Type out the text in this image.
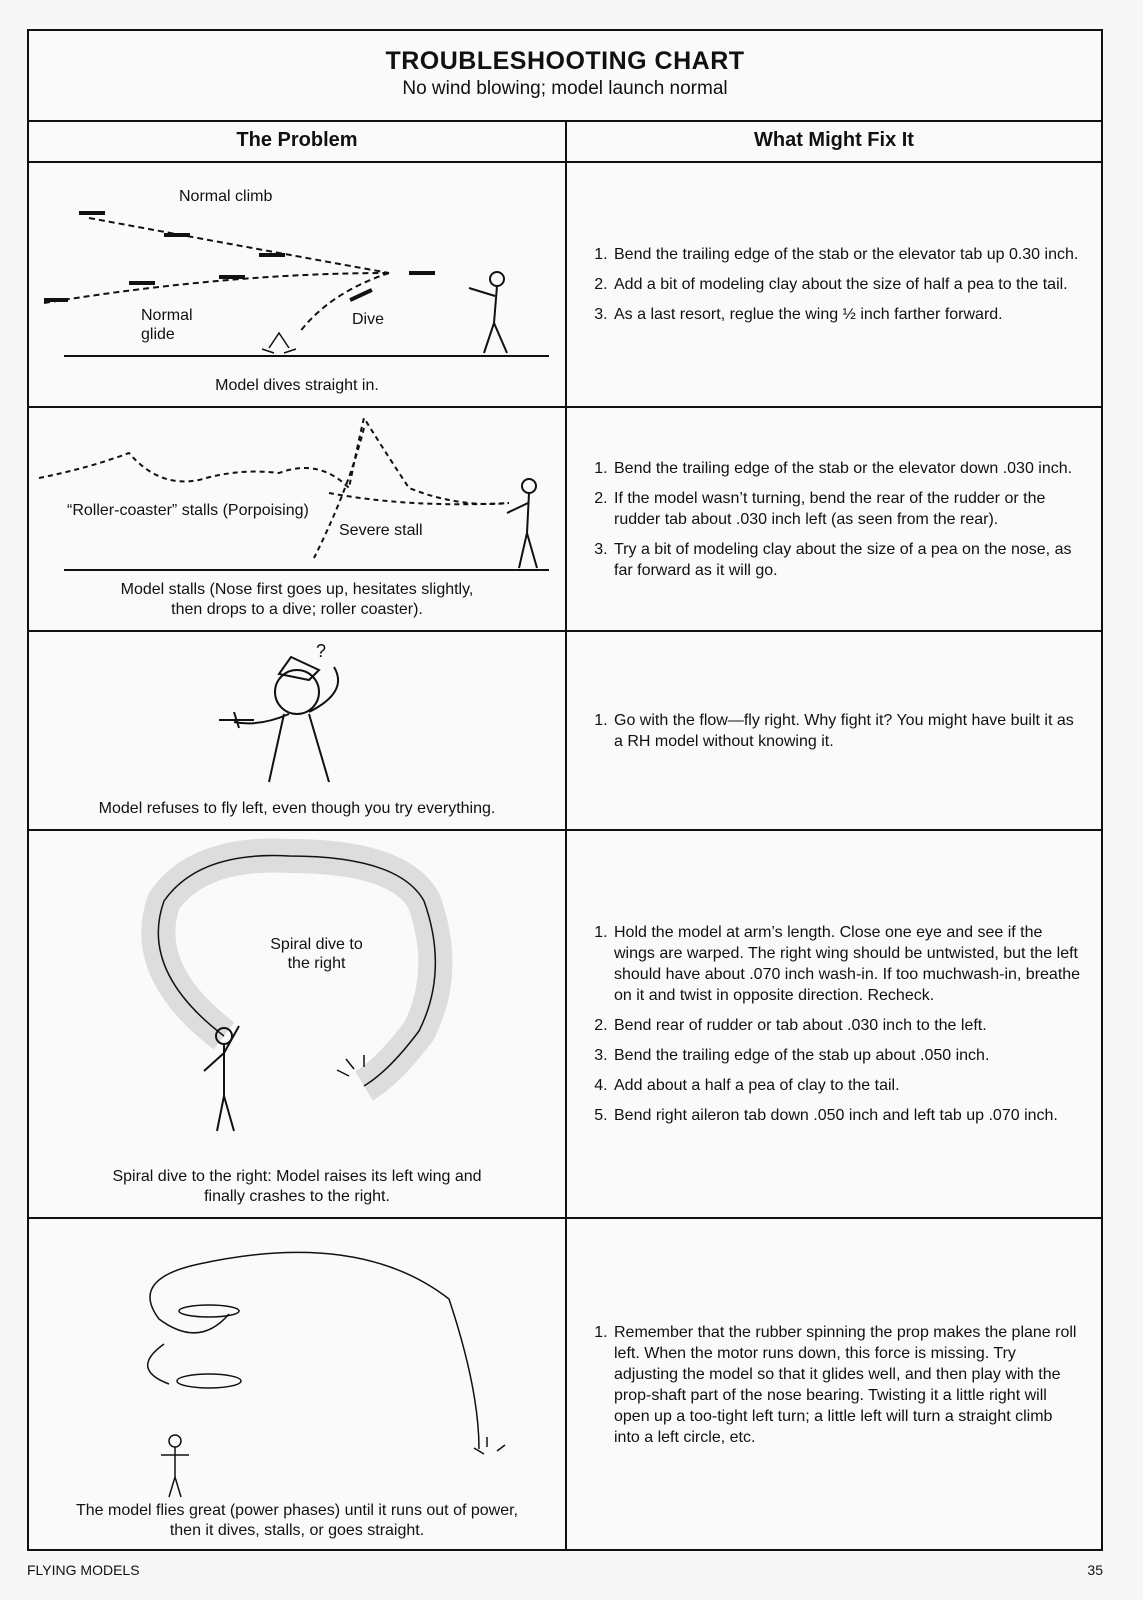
TROUBLESHOOTING CHART
No wind blowing; model launch normal
The Problem	What Might Fix It
Normal climb
Normal glide
Dive
Model dives straight in.
1. Bend the trailing edge of the stab or the elevator tab up 0.30 inch.
2. Add a bit of modeling clay about the size of half a pea to the tail.
3. As a last resort, reglue the wing ½ inch farther forward.
“Roller-coaster” stalls (Porpoising)
Severe stall
Model stalls (Nose first goes up, hesitates slightly, then drops to a dive; roller coaster).
1. Bend the trailing edge of the stab or the elevator down .030 inch.
2. If the model wasn’t turning, bend the rear of the rudder or the rudder tab about .030 inch left (as seen from the rear).
3. Try a bit of modeling clay about the size of a pea on the nose, as far forward as it will go.
?
Model refuses to fly left, even though you try everything.
1. Go with the flow—fly right. Why fight it? You might have built it as a RH model without knowing it.
Spiral dive to the right
Spiral dive to the right: Model raises its left wing and finally crashes to the right.
1. Hold the model at arm’s length. Close one eye and see if the wings are warped. The right wing should be untwisted, but the left should have about .070 inch wash-in. If too muchwash-in, breathe on it and twist in opposite direction. Recheck.
2. Bend rear of rudder or tab about .030 inch to the left.
3. Bend the trailing edge of the stab up about .050 inch.
4. Add about a half a pea of clay to the tail.
5. Bend right aileron tab down .050 inch and left tab up .070 inch.
The model flies great (power phases) until it runs out of power, then it dives, stalls, or goes straight.
1. Remember that the rubber spinning the prop makes the plane roll left. When the motor runs down, this force is missing. Try adjusting the model so that it glides well, and then play with the prop-shaft part of the nose bearing. Twisting it a little right will open up a too-tight left turn; a little left will turn a straight climb into a left circle, etc.
FLYING MODELS	35
